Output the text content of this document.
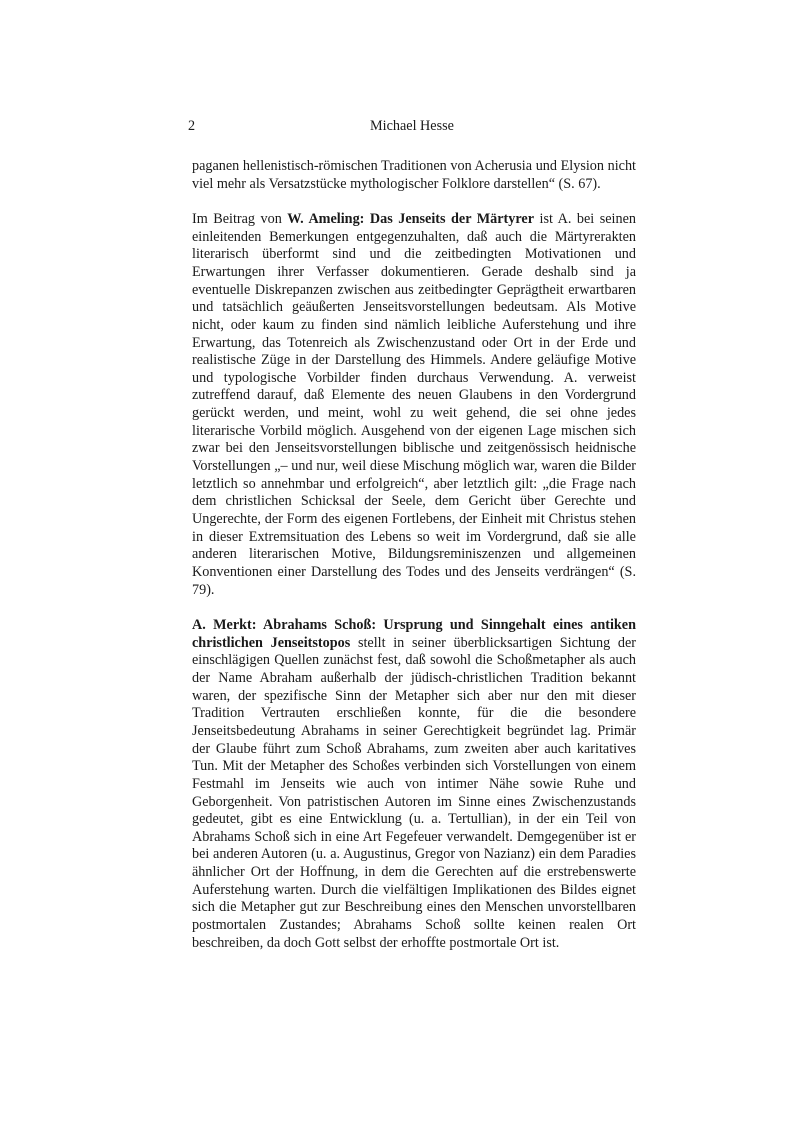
2	Michael Hesse

paganen hellenistisch-römischen Traditionen von Acherusia und Elysion nicht viel mehr als Versatzstücke mythologischer Folklore darstellen“ (S. 67).

Im Beitrag von W. Ameling: Das Jenseits der Märtyrer ist A. bei seinen einleitenden Bemerkungen entgegenzuhalten, daß auch die Märtyrerakten literarisch überformt sind und die zeitbedingten Motivationen und Erwartungen ihrer Verfasser dokumentieren. Gerade deshalb sind ja eventuelle Diskrepanzen zwischen aus zeitbedingter Geprägtheit erwartbaren und tatsächlich geäußerten Jenseitsvorstellungen bedeutsam. Als Motive nicht, oder kaum zu finden sind nämlich leibliche Auferstehung und ihre Erwartung, das Totenreich als Zwischenzustand oder Ort in der Erde und realistische Züge in der Darstellung des Himmels. Andere geläufige Motive und typologische Vorbilder finden durchaus Verwendung. A. verweist zutreffend darauf, daß Elemente des neuen Glaubens in den Vordergrund gerückt werden, und meint, wohl zu weit gehend, die sei ohne jedes literarische Vorbild möglich. Ausgehend von der eigenen Lage mischen sich zwar bei den Jenseitsvorstellungen biblische und zeitgenössisch heidnische Vorstellungen „– und nur, weil diese Mischung möglich war, waren die Bilder letztlich so annehmbar und erfolgreich“, aber letztlich gilt: „die Frage nach dem christlichen Schicksal der Seele, dem Gericht über Gerechte und Ungerechte, der Form des eigenen Fortlebens, der Einheit mit Christus stehen in dieser Extremsituation des Lebens so weit im Vordergrund, daß sie alle anderen literarischen Motive, Bildungsreminiszenzen und allgemeinen Konventionen einer Darstellung des Todes und des Jenseits verdrängen“ (S. 79).

A. Merkt: Abrahams Schoß: Ursprung und Sinngehalt eines antiken christlichen Jenseitstopos stellt in seiner überblicksartigen Sichtung der einschlägigen Quellen zunächst fest, daß sowohl die Schoßmetapher als auch der Name Abraham außerhalb der jüdisch-christlichen Tradition bekannt waren, der spezifische Sinn der Metapher sich aber nur den mit dieser Tradition Vertrauten erschließen konnte, für die die besondere Jenseitsbedeutung Abrahams in seiner Gerechtigkeit begründet lag. Primär der Glaube führt zum Schoß Abrahams, zum zweiten aber auch karitatives Tun. Mit der Metapher des Schoßes verbinden sich Vorstellungen von einem Festmahl im Jenseits wie auch von intimer Nähe sowie Ruhe und Geborgenheit. Von patristischen Autoren im Sinne eines Zwischenzustands gedeutet, gibt es eine Entwicklung (u. a. Tertullian), in der ein Teil von Abrahams Schoß sich in eine Art Fegefeuer verwandelt. Demgegenüber ist er bei anderen Autoren (u. a. Augustinus, Gregor von Nazianz) ein dem Paradies ähnlicher Ort der Hoffnung, in dem die Gerechten auf die erstrebenswerte Auferstehung warten. Durch die vielfältigen Implikationen des Bildes eignet sich die Metapher gut zur Beschreibung eines den Menschen unvorstellbaren postmortalen Zustandes; Abrahams Schoß sollte keinen realen Ort beschreiben, da doch Gott selbst der erhoffte postmortale Ort ist.
